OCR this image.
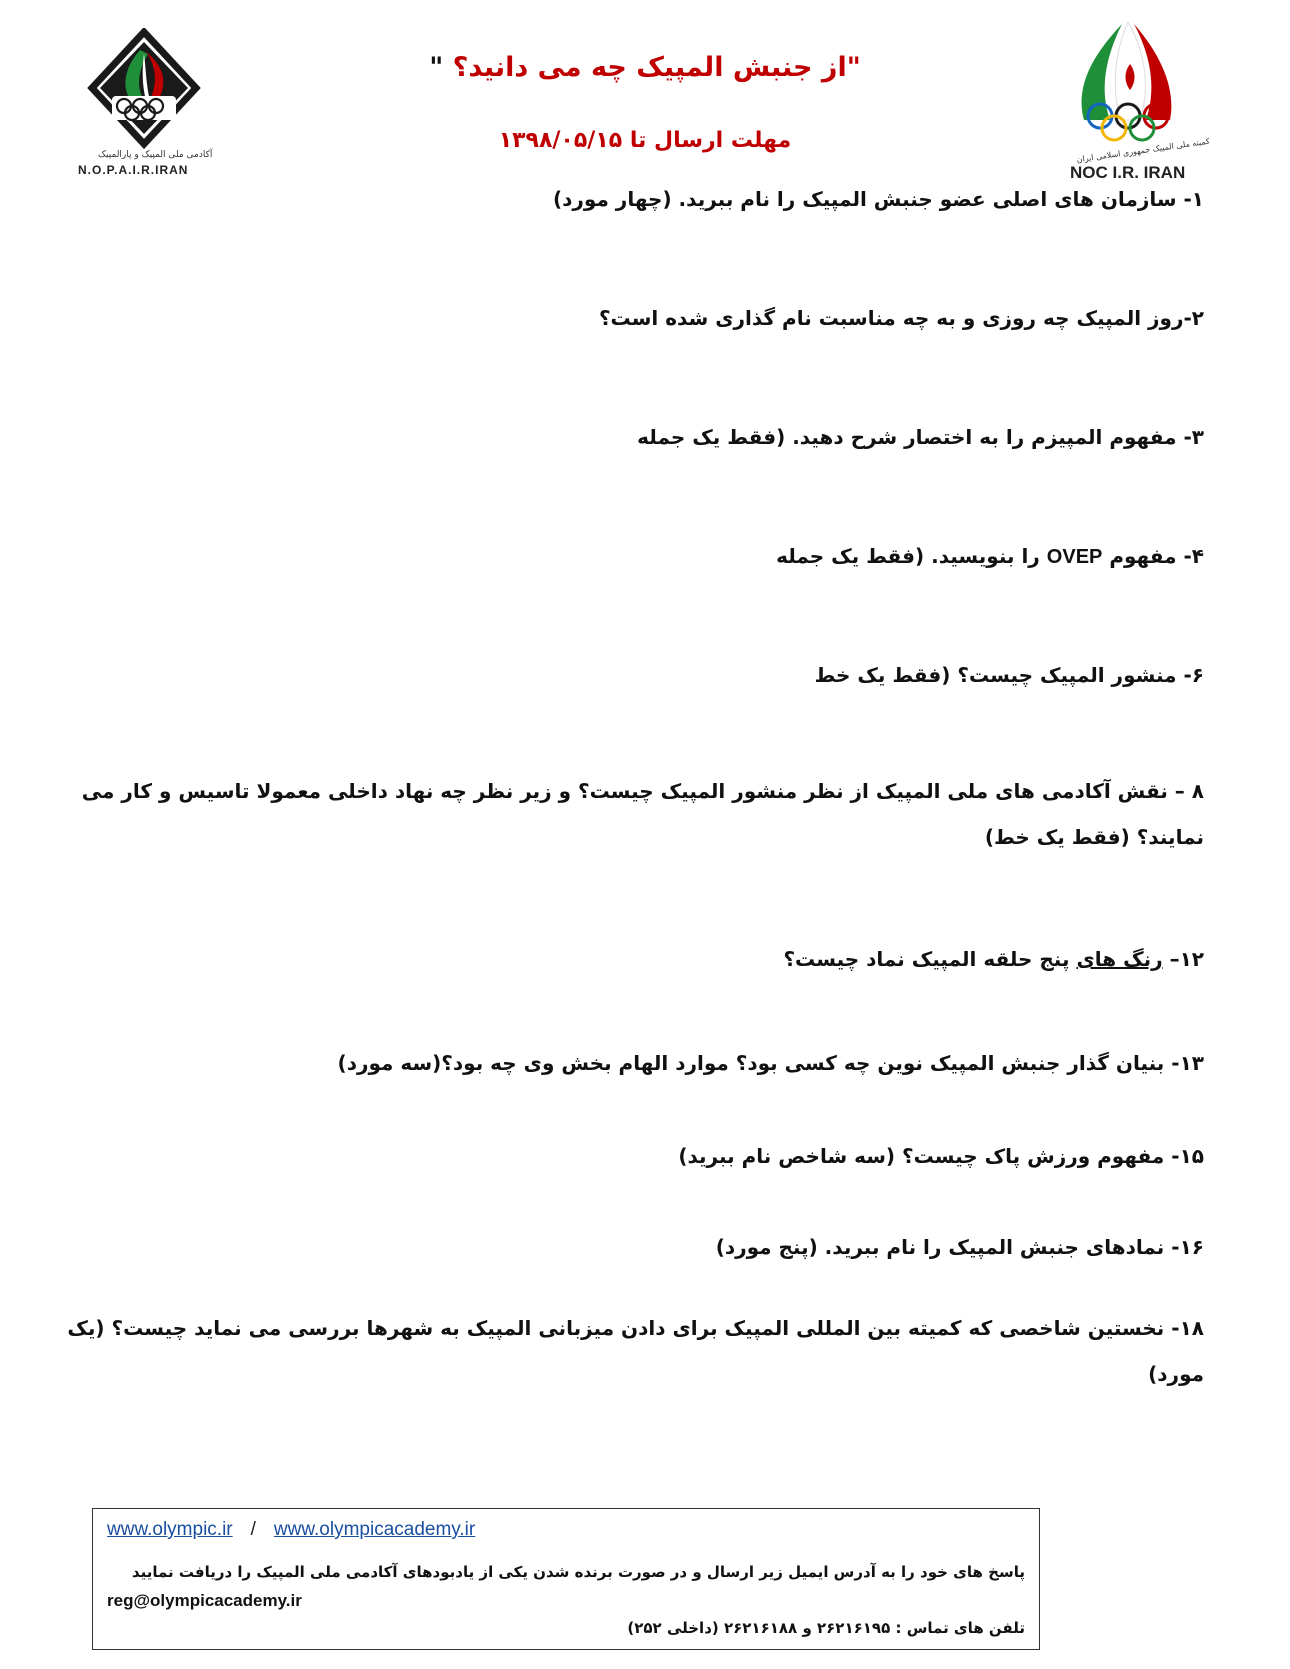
آکادمی ملی المپیک و پارالمپیک
N.O.P.A.I.R.IRAN
کمیته ملی المپیک جمهوری اسلامی ایران
NOC I.R. IRAN
"از جنبش المپیک چه می دانید؟ "
مهلت ارسال تا ۱۳۹۸/۰۵/۱۵
۱- سازمان های اصلی عضو جنبش المپیک را نام ببرید. (چهار مورد)
۲-روز المپیک چه روزی و به چه مناسبت نام گذاری شده است؟
۳- مفهوم المپیزم را به اختصار شرح دهید. (فقط یک جمله
۴- مفهوم OVEP را بنویسید. (فقط یک جمله
۶- منشور المپیک چیست؟ (فقط یک خط
۸ – نقش آکادمی های ملی المپیک از نظر منشور المپیک چیست؟ و زیر نظر چه نهاد داخلی معمولا تاسیس و کار می نمایند؟ (فقط یک خط)
۱۲– رنگ های پنج حلقه المپیک نماد چیست؟
۱۳- بنیان گذار جنبش المپیک نوین چه کسی بود؟ موارد الهام بخش وی چه بود؟(سه مورد)
۱۵- مفهوم ورزش پاک چیست؟ (سه شاخص نام ببرید)
۱۶- نمادهای جنبش المپیک را نام ببرید. (پنج مورد)
۱۸- نخستین شاخصی که کمیته بین المللی المپیک برای دادن میزبانی المپیک به شهرها بررسی می نماید چیست؟ (یک مورد)
www.olympic.ir / www.olympicacademy.ir
پاسخ های خود را به آدرس ایمیل زیر ارسال و در صورت برنده شدن یکی از یادبودهای آکادمی ملی المپیک را دریافت نمایید
reg@olympicacademy.ir
تلفن های تماس : ۲۶۲۱۶۱۹۵ و ۲۶۲۱۶۱۸۸ (داخلی ۲۵۲)
